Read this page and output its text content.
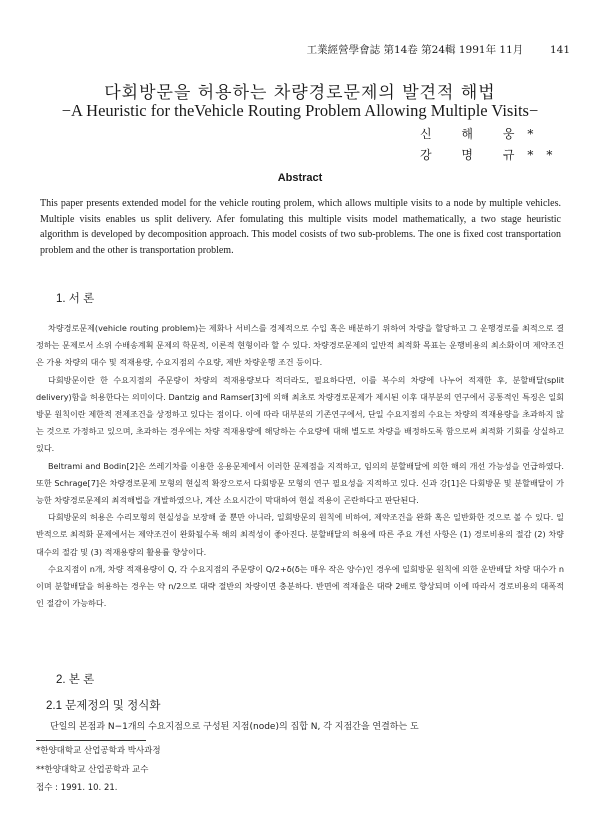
工業經營學會誌 第14卷 第24輯 1991年 11月	141
다회방문을 허용하는 차량경로문제의 발견적 해법
−A Heuristic for theVehicle Routing Problem Allowing Multiple Visits−
신 해 웅*
강 명 규**
Abstract
This paper presents extended model for the vehicle routing prolem, which allows multiple visits to a node by multiple vehicles. Multiple visits enables us split delivery. Afer fomulating this multiple visits model mathematically, a two stage heuristic algorithm is developed by decomposition approach. This model cosists of two sub-problems. The one is fixed cost transportation problem and the other is transportation problem.
1. 서 론

차량경로문제(vehicle routing problem)는 제화나 서비스를 경제적으로 수입 혹은 배분하기 위하여 차량을 할당하고 그 운행경로를 최적으로 결정하는 문제로서 소위 수배송계획 문제의 학문적, 이론적 현형이라 할 수 있다. 차량경로문제의 일반적 최적화 목표는 운행비용의 최소화이며 제약조건은 가용 차량의 대수 및 적재용량, 수요지점의 수요량, 제반 차량운행 조건 등이다.

다회방문이란 한 수요지점의 주문량이 차량의 적재용량보다 적더라도, 필요하다면, 이를 복수의 차량에 나누어 적재한 후, 분할배달(split delivery)함을 허용한다는 의미이다. Dantzig and Ramser[3]에 의해 최초로 차량경로문제가 제시된 이후 대부분의 연구에서 공통적인 특징은 일회방문 원칙이란 제한적 전제조건을 상정하고 있다는 점이다. 이에 따라 대부분의 기존연구에서, 단일 수요지점의 수요는 차량의 적재용량을 초과하지 않는 것으로 가정하고 있으며, 초과하는 경우에는 차량 적재용량에 해당하는 수요량에 대해 별도로 차량을 배정하도록 함으로써 최적화 기회를 상실하고 있다.

Beltrami and Bodin[2]은 쓰레기차를 이용한 응용문제에서 이러한 문제점을 지적하고, 임의의 분할배달에 의한 해의 개선 가능성을 언급하였다. 또한 Schrage[7]은 차량경로문제 모형의 현실적 확장으로서 다회방문 모형의 연구 필요성을 지적하고 있다. 신과 강[1]은 다회방문 및 분할배달이 가능한 차량경로문제의 최적해법을 개발하였으나, 계산 소요시간이 막대하여 현실 적용이 곤란하다고 판단된다.

다회방문의 허용은 수리모형의 현실성을 보장해 줄 뿐만 아니라, 일회방문의 원칙에 비하여, 제약조건을 완화 혹은 일반화한 것으로 볼 수 있다. 일반적으로 최적화 문제에서는 제약조건이 완화될수록 해의 최적성이 좋아진다. 분할배달의 허용에 따른 주요 개선 사항은 (1) 경로비용의 절감 (2) 차량 대수의 절감 및 (3) 적재용량의 활용률 향상이다.

수요지점이 n개, 차량 적재용량이 Q, 각 수요지점의 주문량이 Q/2+δ(δ는 매우 작은 양수)인 경우에 일회방문 원칙에 의한 운반배달 차량 대수가 n이며 분할배달을 허용하는 경우는 약 n/2으로 대략 절반의 차량이면 충분하다. 반면에 적재율은 대략 2배로 향상되며 이에 따라서 경로비용의 대폭적인 절감이 가능하다.

2. 본 론
2.1 문제정의 및 정식화
단일의 본점과 N−1개의 수요지점으로 구성된 지점(node)의 집합 N, 각 지점간을 연결하는 도
*한양대학교 산업공학과 박사과정
**한양대학교 산업공학과 교수
접수 : 1991. 10. 21.
